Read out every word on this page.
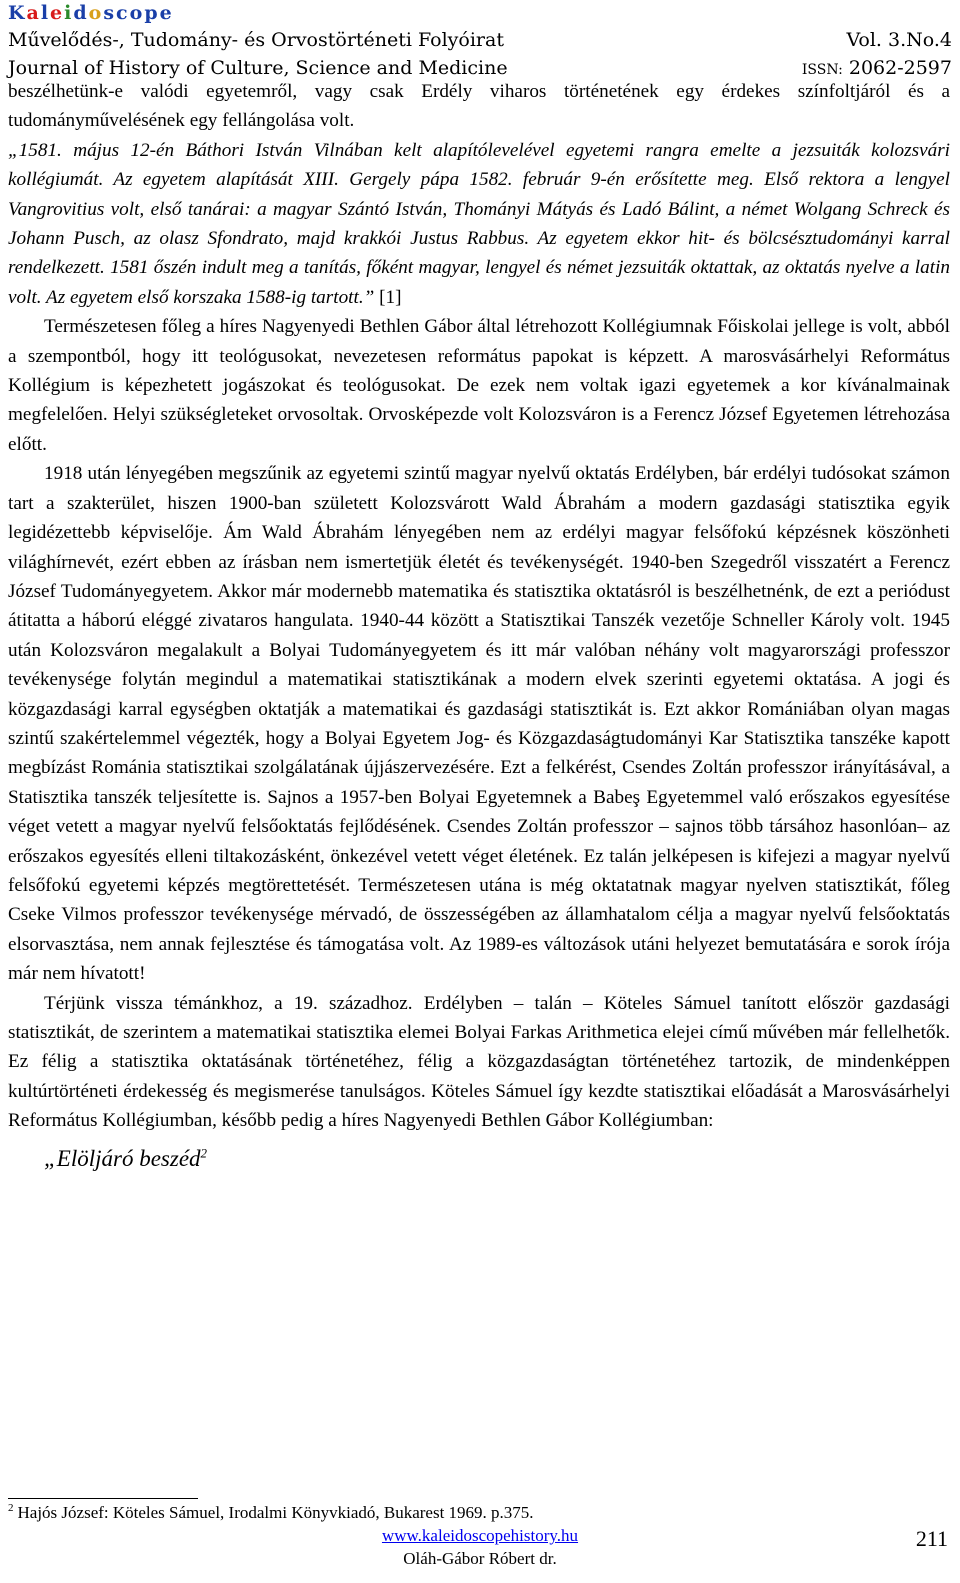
Kaleidoscope
Művelődés-, Tudomány- és Orvostörténeti Folyóirat	Vol. 3.No.4
Journal of History of Culture, Science and Medicine	ISSN: 2062-2597

beszélhetünk-e valódi egyetemről, vagy csak Erdély viharos történetének egy érdekes színfoltjáról és a tudományművelésének egy fellángolása volt.

„1581. május 12-én Báthori István Vilnában kelt alapítólevelével egyetemi rangra emelte a jezsuiták kolozsvári kollégiumát. Az egyetem alapítását XIII. Gergely pápa 1582. február 9-én erősítette meg. Első rektora a lengyel Vangrovitius volt, első tanárai: a magyar Szántó István, Thományi Mátyás és Ladó Bálint, a német Wolgang Schreck és Johann Pusch, az olasz Sfondrato, majd krakkói Justus Rabbus. Az egyetem ekkor hit- és bölcsésztudományi karral rendelkezett. 1581 őszén indult meg a tanítás, főként magyar, lengyel és német jezsuiták oktattak, az oktatás nyelve a latin volt. Az egyetem első korszaka 1588-ig tartott.” [1]
Természetesen főleg a híres Nagyenyedi Bethlen Gábor által létrehozott Kollégiumnak Főiskolai jellege is volt, abból a szempontból, hogy itt teológusokat, nevezetesen református papokat is képzett. A marosvásárhelyi Református Kollégium is képezhetett jogászokat és teológusokat. De ezek nem voltak igazi egyetemek a kor kívánalmainak megfelelően. Helyi szükségleteket orvosoltak. Orvosképezde volt Kolozsváron is a Ferencz József Egyetemen létrehozása előtt.

1918 után lényegében megszűnik az egyetemi szintű magyar nyelvű oktatás Erdélyben, bár erdélyi tudósokat számon tart a szakterület, hiszen 1900-ban született Kolozsvárott Wald Ábrahám a modern gazdasági statisztika egyik legidézettebb képviselője. Ám Wald Ábrahám lényegében nem az erdélyi magyar felsőfokú képzésnek köszönheti világhírnevét, ezért ebben az írásban nem ismertetjük életét és tevékenységét. 1940-ben Szegedről visszatért a Ferencz József Tudományegyetem. Akkor már modernebb matematika és statisztika oktatásról is beszélhetnénk, de ezt a periódust átitatta a háború eléggé zivataros hangulata. 1940-44 között a Statisztikai Tanszék vezetője Schneller Károly volt. 1945 után Kolozsváron megalakult a Bolyai Tudományegyetem és itt már valóban néhány volt magyarországi professzor tevékenysége folytán megindul a matematikai statisztikának a modern elvek szerinti egyetemi oktatása. A jogi és közgazdasági karral egységben oktatják a matematikai és gazdasági statisztikát is. Ezt akkor Romániában olyan magas szintű szakértelemmel végezték, hogy a Bolyai Egyetem Jog- és Közgazdaságtudományi Kar Statisztika tanszéke kapott megbízást Románia statisztikai szolgálatának újjászervezésére. Ezt a felkérést, Csendes Zoltán professzor irányításával, a Statisztika tanszék teljesítette is. Sajnos a 1957-ben Bolyai Egyetemnek a Babeş Egyetemmel való erőszakos egyesítése véget vetett a magyar nyelvű felsőoktatás fejlődésének. Csendes Zoltán professzor – sajnos több társához hasonlóan– az erőszakos egyesítés elleni tiltakozásként, önkezével vetett véget életének. Ez talán jelképesen is kifejezi a magyar nyelvű felsőfokú egyetemi képzés megtörettetését. Természetesen utána is még oktatatnak magyar nyelven statisztikát, főleg Cseke Vilmos professzor tevékenysége mérvadó, de összességében az államhatalom célja a magyar nyelvű felsőoktatás elsorvasztása, nem annak fejlesztése és támogatása volt. Az 1989-es változások utáni helyezet bemutatására e sorok írója már nem hívatott!

Térjünk vissza témánkhoz, a 19. századhoz. Erdélyben – talán – Köteles Sámuel tanított először gazdasági statisztikát, de szerintem a matematikai statisztika elemei Bolyai Farkas Arithmetica elejei című művében már fellelhetők. Ez félig a statisztika oktatásának történetéhez, félig a közgazdaságtan történetéhez tartozik, de mindenképpen kultúrtörténeti érdekesség és megismerése tanulságos. Köteles Sámuel így kezdte statisztikai előadását a Marosvásárhelyi Református Kollégiumban, később pedig a híres Nagyenyedi Bethlen Gábor Kollégiumban:

„Elöljáró beszéd$^2$

$^2$ Hajós József: Köteles Sámuel, Irodalmi Könyvkiadó, Bukarest 1969. p.375.
www.kaleidoscopehistory.hu
Oláh-Gábor Róbert dr.
211
